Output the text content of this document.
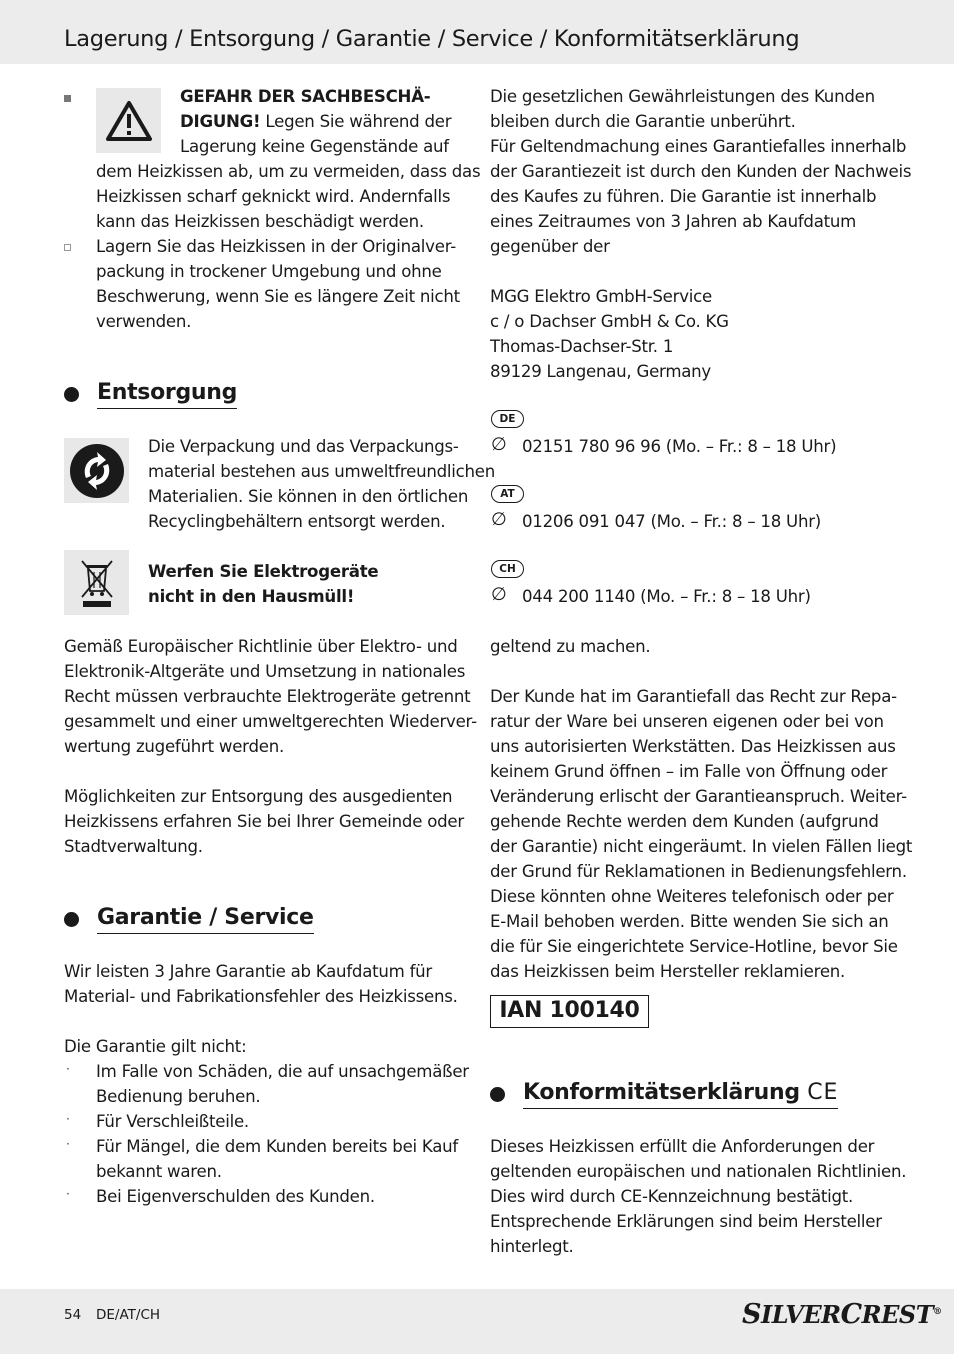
Lagerung / Entsorgung / Garantie / Service / Konformitätserklärung
GEFAHR DER SACHBESCHÄ-
DIGUNG! Legen Sie während der
Lagerung keine Gegenstände auf
dem Heizkissen ab, um zu vermeiden, dass das
Heizkissen scharf geknickt wird. Andernfalls
kann das Heizkissen beschädigt werden.
Lagern Sie das Heizkissen in der Originalver-
packung in trockener Umgebung und ohne
Beschwerung, wenn Sie es längere Zeit nicht
verwenden.
Entsorgung
Die Verpackung und das Verpackungs-
material bestehen aus umweltfreundlichen
Materialien. Sie können in den örtlichen
Recyclingbehältern entsorgt werden.
Werfen Sie Elektrogeräte
nicht in den Hausmüll!
Gemäß Europäischer Richtlinie über Elektro- und
Elektronik-Altgeräte und Umsetzung in nationales
Recht müssen verbrauchte Elektrogeräte getrennt
gesammelt und einer umweltgerechten Wiederver-
wertung zugeführt werden.
Möglichkeiten zur Entsorgung des ausgedienten
Heizkissens erfahren Sie bei Ihrer Gemeinde oder
Stadtverwaltung.
Garantie / Service
Wir leisten 3 Jahre Garantie ab Kaufdatum für
Material- und Fabrikationsfehler des Heizkissens.
Die Garantie gilt nicht:
· Im Falle von Schäden, die auf unsachgemäßer
Bedienung beruhen.
· Für Verschleißteile.
· Für Mängel, die dem Kunden bereits bei Kauf
bekannt waren.
· Bei Eigenverschulden des Kunden.
Die gesetzlichen Gewährleistungen des Kunden
bleiben durch die Garantie unberührt.
Für Geltendmachung eines Garantiefalles innerhalb
der Garantiezeit ist durch den Kunden der Nachweis
des Kaufes zu führen. Die Garantie ist innerhalb
eines Zeitraumes von 3 Jahren ab Kaufdatum
gegenüber der
MGG Elektro GmbH-Service
c / o Dachser GmbH & Co. KG
Thomas-Dachser-Str. 1
89129 Langenau, Germany
DE
∅ 02151 780 96 96 (Mo. – Fr.: 8 – 18 Uhr)
AT
∅ 01206 091 047 (Mo. – Fr.: 8 – 18 Uhr)
CH
∅ 044 200 1140 (Mo. – Fr.: 8 – 18 Uhr)
geltend zu machen.
Der Kunde hat im Garantiefall das Recht zur Repa-
ratur der Ware bei unseren eigenen oder bei von
uns autorisierten Werkstätten. Das Heizkissen aus
keinem Grund öffnen – im Falle von Öffnung oder
Veränderung erlischt der Garantieanspruch. Weiter-
gehende Rechte werden dem Kunden (aufgrund
der Garantie) nicht eingeräumt. In vielen Fällen liegt
der Grund für Reklamationen in Bedienungsfehlern.
Diese könnten ohne Weiteres telefonisch oder per
E-Mail behoben werden. Bitte wenden Sie sich an
die für Sie eingerichtete Service-Hotline, bevor Sie
das Heizkissen beim Hersteller reklamieren.
IAN 100140
Konformitätserklärung CE
Dieses Heizkissen erfüllt die Anforderungen der
geltenden europäischen und nationalen Richtlinien.
Dies wird durch CE-Kennzeichnung bestätigt.
Entsprechende Erklärungen sind beim Hersteller
hinterlegt.
54 DE/AT/CH	SILVERCREST®
